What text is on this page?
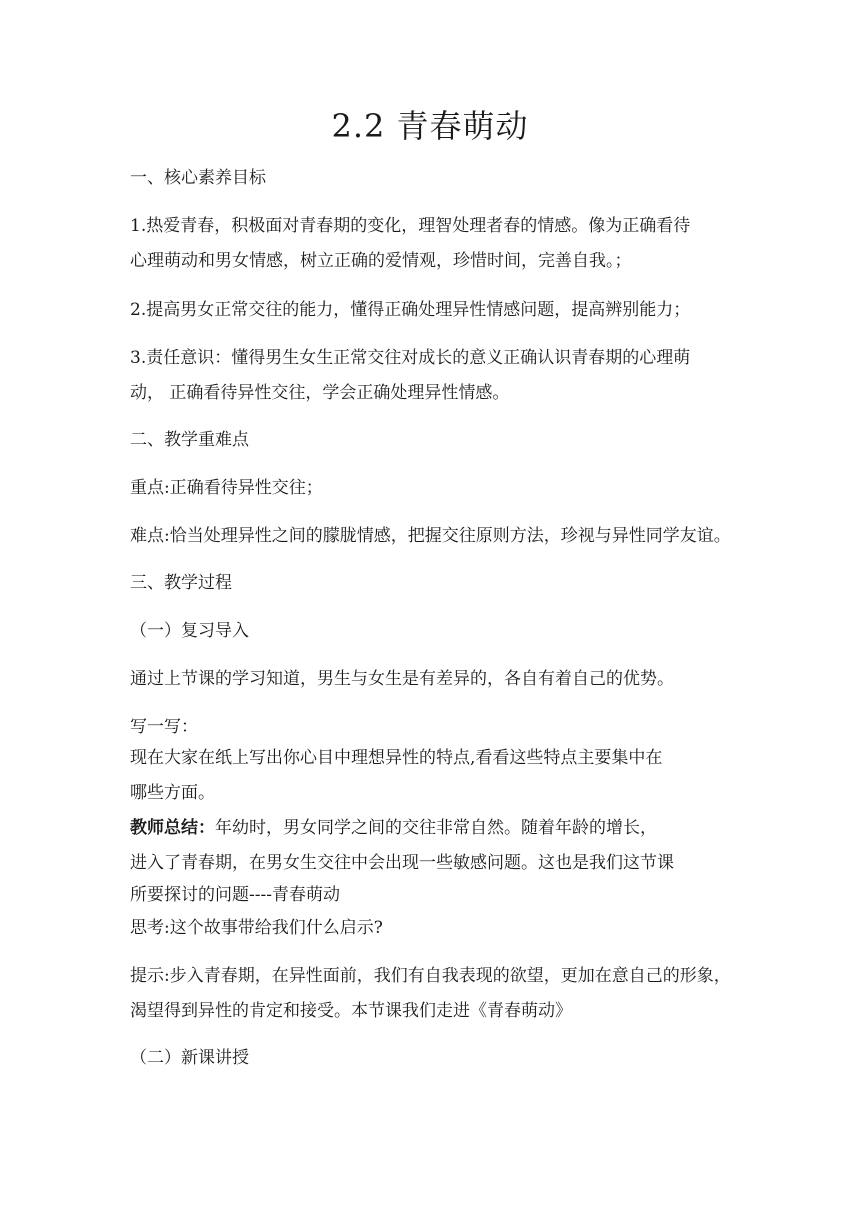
2.2 青春萌动
一、核心素养目标
1.热爱青春，积极面对青春期的变化，理智处理者春的情感。像为正确看待
心理萌动和男女情感，树立正确的爱情观，珍惜时间，完善自我。；
2.提高男女正常交往的能力，懂得正确处理异性情感问题，提高辨别能力；
3.责任意识：懂得男生女生正常交往对成长的意义正确认识青春期的心理萌
动， 正确看待异性交往，学会正确处理异性情感。
二、教学重难点
重点:正确看待异性交往；
难点:恰当处理异性之间的朦胧情感，把握交往原则方法，珍视与异性同学友谊。
三、教学过程
（一）复习导入
通过上节课的学习知道，男生与女生是有差异的，各自有着自己的优势。
写一写：
现在大家在纸上写出你心目中理想异性的特点,看看这些特点主要集中在
哪些方面。
教师总结：年幼时，男女同学之间的交往非常自然。随着年龄的增长，
进入了青春期，在男女生交往中会出现一些敏感问题。这也是我们这节课
所要探讨的问题----青春萌动
思考:这个故事带给我们什么启示?
提示:步入青春期，在异性面前，我们有自我表现的欲望，更加在意自己的形象，
渴望得到异性的肯定和接受。本节课我们走进《青春萌动》
（二）新课讲授
